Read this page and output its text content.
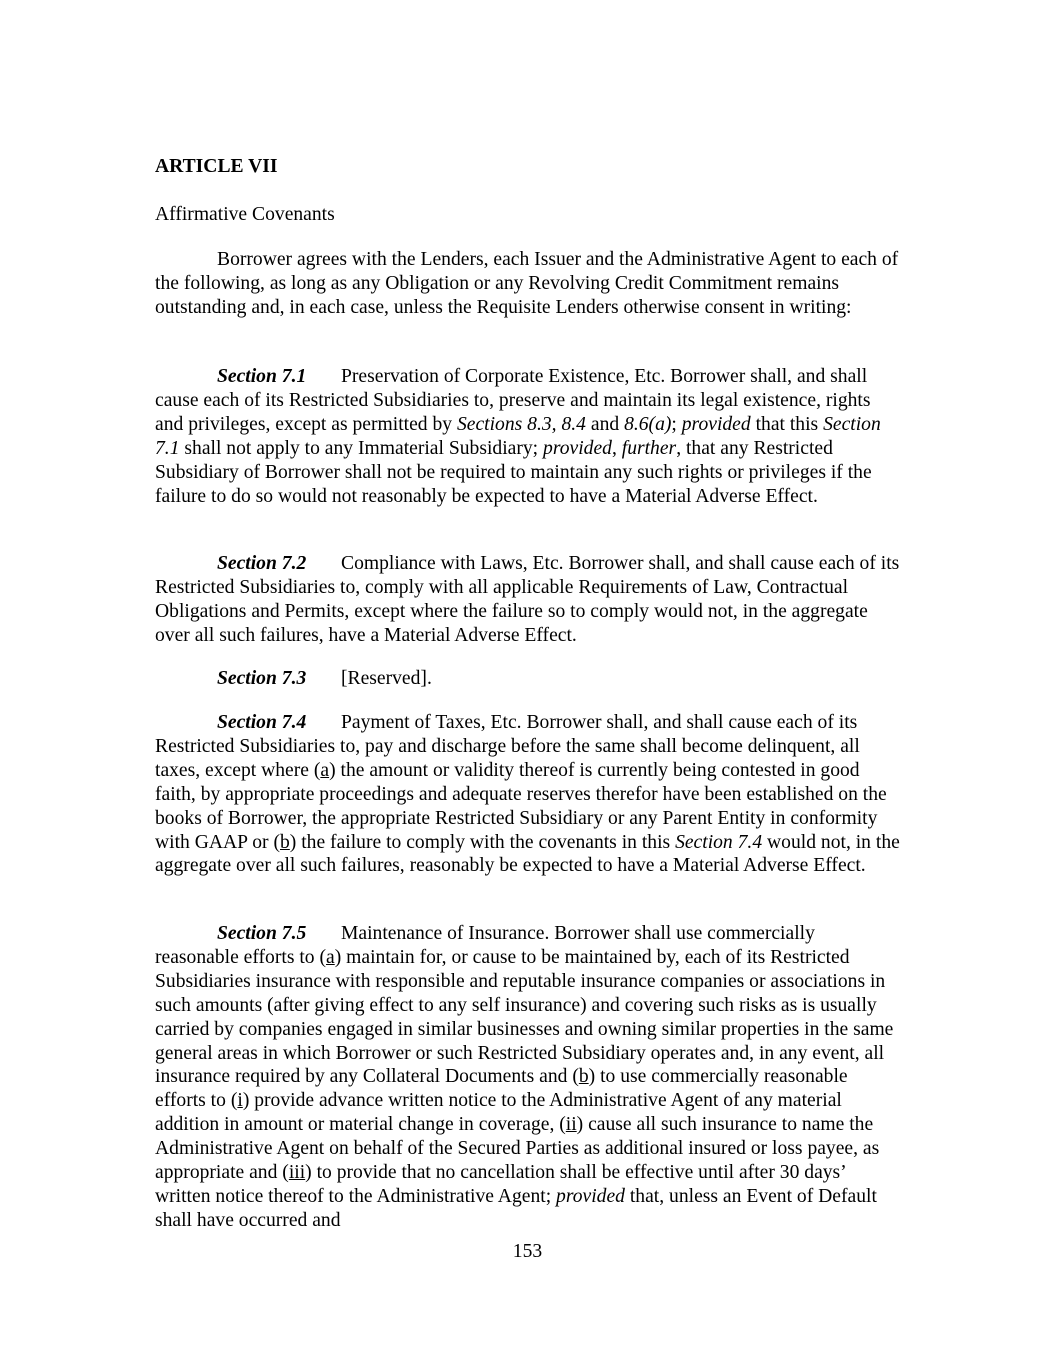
ARTICLE VII

Affirmative Covenants

Borrower agrees with the Lenders, each Issuer and the Administrative Agent to each of the following, as long as any Obligation or any Revolving Credit Commitment remains outstanding and, in each case, unless the Requisite Lenders otherwise consent in writing:

Section 7.1 Preservation of Corporate Existence, Etc. Borrower shall, and shall cause each of its Restricted Subsidiaries to, preserve and maintain its legal existence, rights and privileges, except as permitted by Sections 8.3, 8.4 and 8.6(a); provided that this Section 7.1 shall not apply to any Immaterial Subsidiary; provided, further, that any Restricted Subsidiary of Borrower shall not be required to maintain any such rights or privileges if the failure to do so would not reasonably be expected to have a Material Adverse Effect.

Section 7.2 Compliance with Laws, Etc. Borrower shall, and shall cause each of its Restricted Subsidiaries to, comply with all applicable Requirements of Law, Contractual Obligations and Permits, except where the failure so to comply would not, in the aggregate over all such failures, have a Material Adverse Effect.

Section 7.3 [Reserved].

Section 7.4 Payment of Taxes, Etc. Borrower shall, and shall cause each of its Restricted Subsidiaries to, pay and discharge before the same shall become delinquent, all taxes, except where (a) the amount or validity thereof is currently being contested in good faith, by appropriate proceedings and adequate reserves therefor have been established on the books of Borrower, the appropriate Restricted Subsidiary or any Parent Entity in conformity with GAAP or (b) the failure to comply with the covenants in this Section 7.4 would not, in the aggregate over all such failures, reasonably be expected to have a Material Adverse Effect.

Section 7.5 Maintenance of Insurance. Borrower shall use commercially reasonable efforts to (a) maintain for, or cause to be maintained by, each of its Restricted Subsidiaries insurance with responsible and reputable insurance companies or associations in such amounts (after giving effect to any self insurance) and covering such risks as is usually carried by companies engaged in similar businesses and owning similar properties in the same general areas in which Borrower or such Restricted Subsidiary operates and, in any event, all insurance required by any Collateral Documents and (b) to use commercially reasonable efforts to (i) provide advance written notice to the Administrative Agent of any material addition in amount or material change in coverage, (ii) cause all such insurance to name the Administrative Agent on behalf of the Secured Parties as additional insured or loss payee, as appropriate and (iii) to provide that no cancellation shall be effective until after 30 days’ written notice thereof to the Administrative Agent; provided that, unless an Event of Default shall have occurred and

153
